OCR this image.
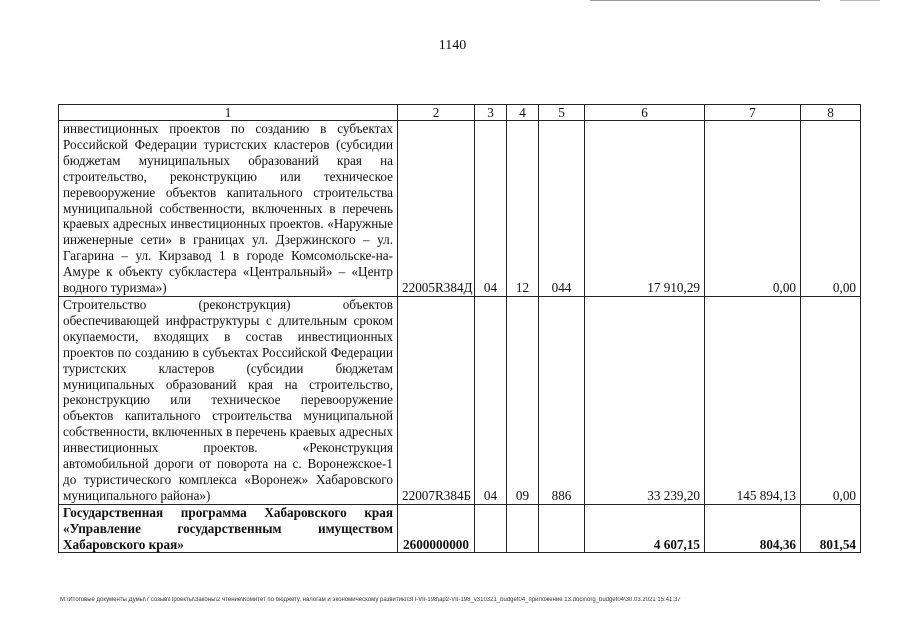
1140
1	2	3	4	5	6	7	8
инвестиционных проектов по созданию в субъектах Российской Федерации туристских кластеров (субсидии бюджетам муниципальных образований края на строительство, реконструкцию или техническое перевооружение объектов капитального строительства муниципальной собственности, включенных в перечень краевых адресных инвестиционных проектов. «Наружные инженерные сети» в границах ул. Дзержинского – ул. Гагарина – ул. Кирзавод 1 в городе Комсомольске-на-Амуре к объекту субкластера «Центральный» – «Центр водного туризма»)	22005R384Д	04	12	044	17 910,29	0,00	0,00
Строительство (реконструкция) объектов обеспечивающей инфраструктуры с длительным сроком окупаемости, входящих в состав инвестиционных проектов по созданию в субъектах Российской Федерации туристских кластеров (субсидии бюджетам муниципальных образований края на строительство, реконструкцию или техническое перевооружение объектов капитального строительства муниципальной собственности, включенных в перечень краевых адресных инвестиционных проектов. «Реконструкция автомобильной дороги от поворота на с. Воронежское-1 до туристического комплекса «Воронеж» Хабаровского муниципального района»)	22007R384Б	04	09	886	33 239,20	145 894,13	0,00
Государственная программа Хабаровского края «Управление государственным имуществом Хабаровского края»	2600000000				4 607,15	804,36	801,54
M:\Итоговые документы Думы\7 созыв\Проекты\Законы\2 чтение\Комитет по бюджету, налогам и экономическому развитию\ЗП-VII-198\ap2-VII-198_v310321_budget04_приложение 13.docx\org_budget04\30.03.2021 15:41:37
